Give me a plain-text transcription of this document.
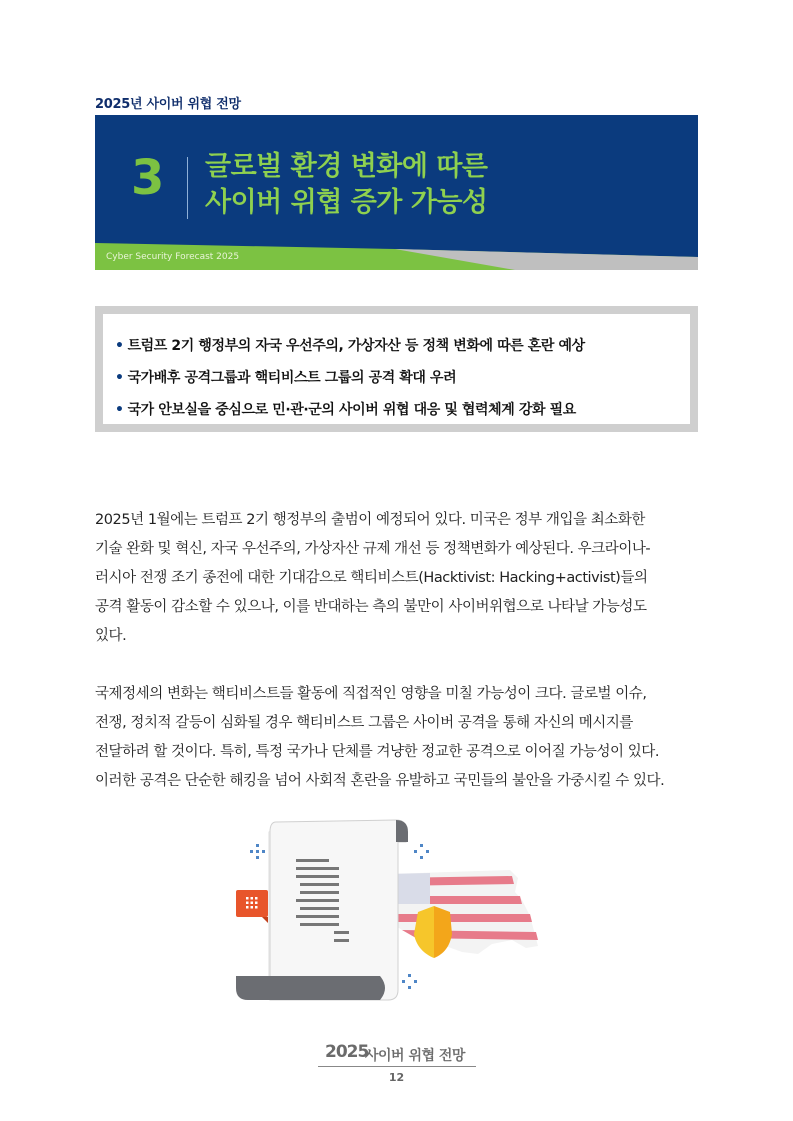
2025년 사이버 위협 전망
3 글로벌 환경 변화에 따른
사이버 위협 증가 가능성
Cyber Security Forecast 2025
• 트럼프 2기 행정부의 자국 우선주의, 가상자산 등 정책 변화에 따른 혼란 예상
• 국가배후 공격그룹과 핵티비스트 그룹의 공격 확대 우려
• 국가 안보실을 중심으로 민·관·군의 사이버 위협 대응 및 협력체계 강화 필요

2025년 1월에는 트럼프 2기 행정부의 출범이 예정되어 있다. 미국은 정부 개입을 최소화한
기술 완화 및 혁신, 자국 우선주의, 가상자산 규제 개선 등 정책변화가 예상된다. 우크라이나-
러시아 전쟁 조기 종전에 대한 기대감으로 핵티비스트(Hacktivist: Hacking+activist)들의
공격 활동이 감소할 수 있으나, 이를 반대하는 측의 불만이 사이버위협으로 나타날 가능성도
있다.

국제정세의 변화는 핵티비스트들 활동에 직접적인 영향을 미칠 가능성이 크다. 글로벌 이슈,
전쟁, 정치적 갈등이 심화될 경우 핵티비스트 그룹은 사이버 공격을 통해 자신의 메시지를
전달하려 할 것이다. 특히, 특정 국가나 단체를 겨냥한 정교한 공격으로 이어질 가능성이 있다.
이러한 공격은 단순한 해킹을 넘어 사회적 혼란을 유발하고 국민들의 불안을 가중시킬 수 있다.

2025
사이버 위협 전망
12
